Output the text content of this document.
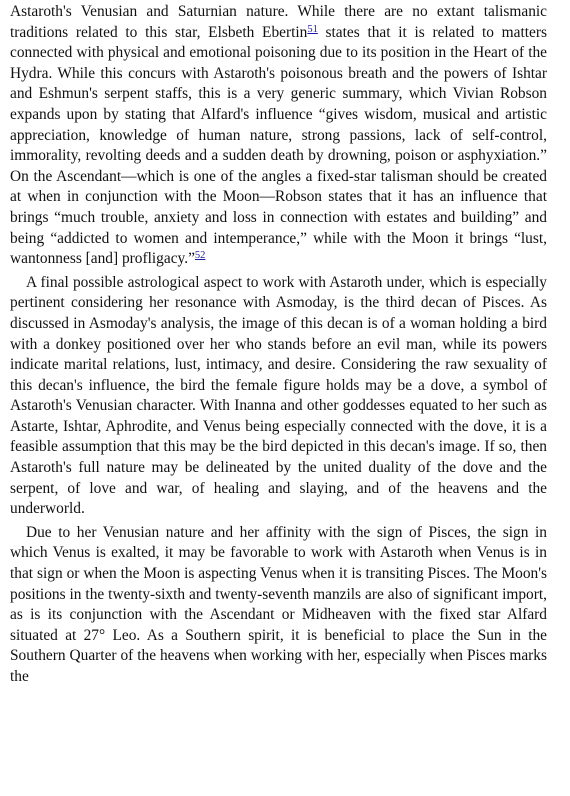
Astaroth's Venusian and Saturnian nature. While there are no extant talismanic traditions related to this star, Elsbeth Ebertin$^{51}$ states that it is related to matters connected with physical and emotional poisoning due to its position in the Heart of the Hydra. While this concurs with Astaroth's poisonous breath and the powers of Ishtar and Eshmun's serpent staffs, this is a very generic summary, which Vivian Robson expands upon by stating that Alfard's influence “gives wisdom, musical and artistic appreciation, knowledge of human nature, strong passions, lack of self-control, immorality, revolting deeds and a sudden death by drowning, poison or asphyxiation.” On the Ascendant—which is one of the angles a fixed-star talisman should be created at when in conjunction with the Moon—Robson states that it has an influence that brings “much trouble, anxiety and loss in connection with estates and building” and being “addicted to women and intemperance,” while with the Moon it brings “lust, wantonness [and] profligacy.”$^{52}$

A final possible astrological aspect to work with Astaroth under, which is especially pertinent considering her resonance with Asmoday, is the third decan of Pisces. As discussed in Asmoday's analysis, the image of this decan is of a woman holding a bird with a donkey positioned over her who stands before an evil man, while its powers indicate marital relations, lust, intimacy, and desire. Considering the raw sexuality of this decan's influence, the bird the female figure holds may be a dove, a symbol of Astaroth's Venusian character. With Inanna and other goddesses equated to her such as Astarte, Ishtar, Aphrodite, and Venus being especially connected with the dove, it is a feasible assumption that this may be the bird depicted in this decan's image. If so, then Astaroth's full nature may be delineated by the united duality of the dove and the serpent, of love and war, of healing and slaying, and of the heavens and the underworld.

Due to her Venusian nature and her affinity with the sign of Pisces, the sign in which Venus is exalted, it may be favorable to work with Astaroth when Venus is in that sign or when the Moon is aspecting Venus when it is transiting Pisces. The Moon's positions in the twenty-sixth and twenty-seventh manzils are also of significant import, as is its conjunction with the Ascendant or Midheaven with the fixed star Alfard situated at 27° Leo. As a Southern spirit, it is beneficial to place the Sun in the Southern Quarter of the heavens when working with her, especially when Pisces marks the
